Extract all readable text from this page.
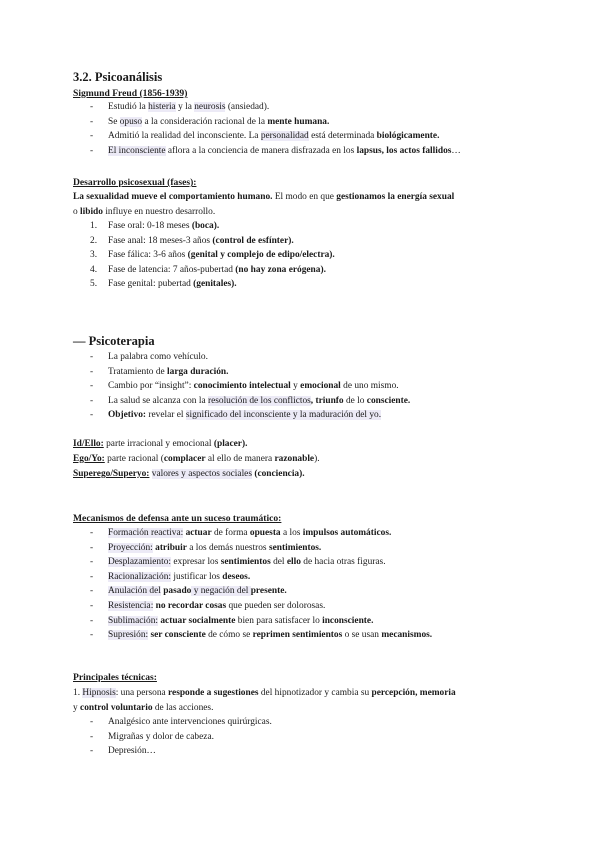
3.2. Psicoanálisis
Sigmund Freud (1856-1939)
- Estudió la histeria y la neurosis (ansiedad).
- Se opuso a la consideración racional de la mente humana.
- Admitió la realidad del inconsciente. La personalidad está determinada biológicamente.
- El inconsciente aflora a la conciencia de manera disfrazada en los lapsus, los actos fallidos…
Desarrollo psicosexual (fases):
La sexualidad mueve el comportamiento humano. El modo en que gestionamos la energía sexual
o libido influye en nuestro desarrollo.
1. Fase oral: 0-18 meses (boca).
2. Fase anal: 18 meses-3 años (control de esfínter).
3. Fase fálica: 3-6 años (genital y complejo de edipo/electra).
4. Fase de latencia: 7 años-pubertad (no hay zona erógena).
5. Fase genital: pubertad (genitales).
— Psicoterapia
- La palabra como vehículo.
- Tratamiento de larga duración.
- Cambio por “insight”: conocimiento intelectual y emocional de uno mismo.
- La salud se alcanza con la resolución de los conflictos, triunfo de lo consciente.
- Objetivo: revelar el significado del inconsciente y la maduración del yo.
Id/Ello: parte irracional y emocional (placer).
Ego/Yo: parte racional (complacer al ello de manera razonable).
Superego/Superyo: valores y aspectos sociales (conciencia).
Mecanismos de defensa ante un suceso traumático:
- Formación reactiva: actuar de forma opuesta a los impulsos automáticos.
- Proyección: atribuir a los demás nuestros sentimientos.
- Desplazamiento: expresar los sentimientos del ello de hacia otras figuras.
- Racionalización: justificar los deseos.
- Anulación del pasado y negación del presente.
- Resistencia: no recordar cosas que pueden ser dolorosas.
- Sublimación: actuar socialmente bien para satisfacer lo inconsciente.
- Supresión: ser consciente de cómo se reprimen sentimientos o se usan mecanismos.
Principales técnicas:
1. Hipnosis: una persona responde a sugestiones del hipnotizador y cambia su percepción, memoria
y control voluntario de las acciones.
- Analgésico ante intervenciones quirúrgicas.
- Migrañas y dolor de cabeza.
- Depresión…
